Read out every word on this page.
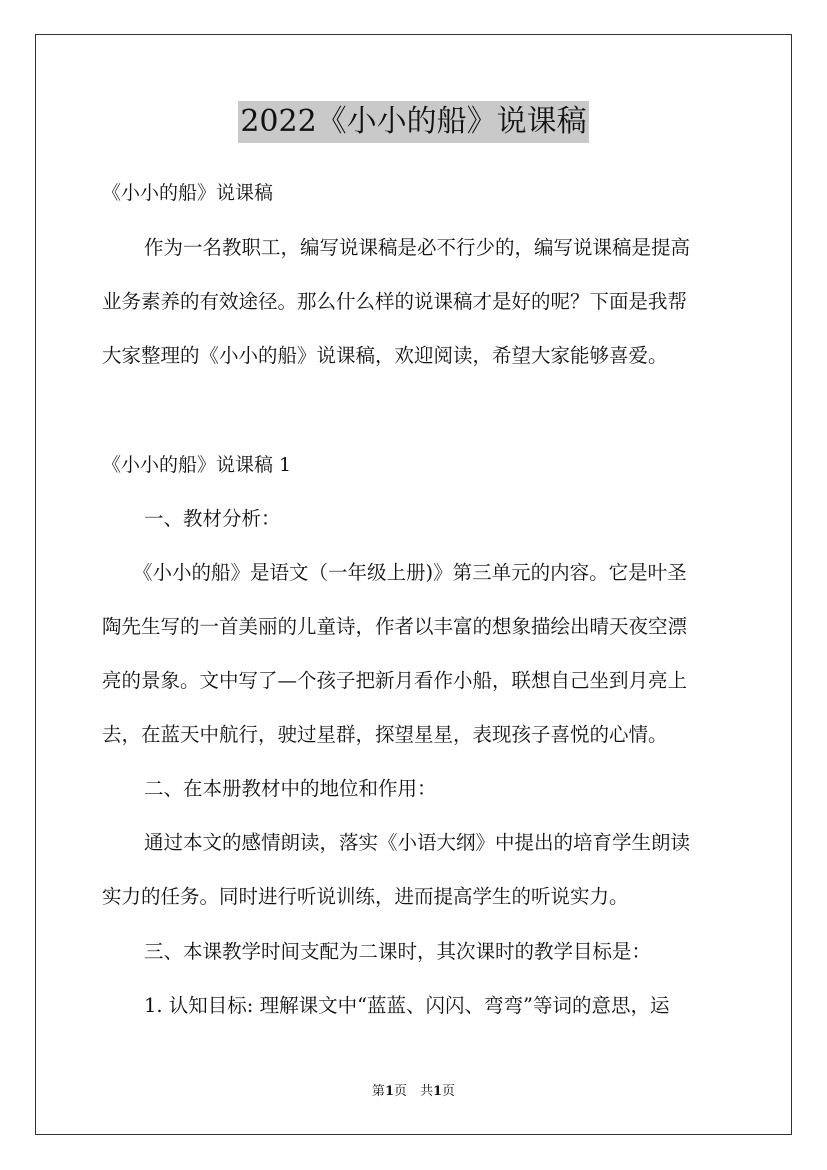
2022《小小的船》说课稿
《小小的船》说课稿
作为一名教职工，编写说课稿是必不行少的，编写说课稿是提高
业务素养的有效途径。那么什么样的说课稿才是好的呢？下面是我帮
大家整理的《小小的船》说课稿，欢迎阅读，希望大家能够喜爱。
《小小的船》说课稿 1
一、教材分析：
《小小的船》是语文（一年级上册)》第三单元的内容。它是叶圣
陶先生写的一首美丽的儿童诗，作者以丰富的想象描绘出晴天夜空漂
亮的景象。文中写了—个孩子把新月看作小船，联想自己坐到月亮上
去，在蓝天中航行，驶过星群，探望星星，表现孩子喜悦的心情。
二、在本册教材中的地位和作用：
通过本文的感情朗读，落实《小语大纲》中提出的培育学生朗读
实力的任务。同时进行听说训练，进而提高学生的听说实力。
三、本课教学时间支配为二课时，其次课时的教学目标是：
1. 认知目标: 理解课文中“蓝蓝、闪闪、弯弯”等词的意思，运
第1页　共1页
